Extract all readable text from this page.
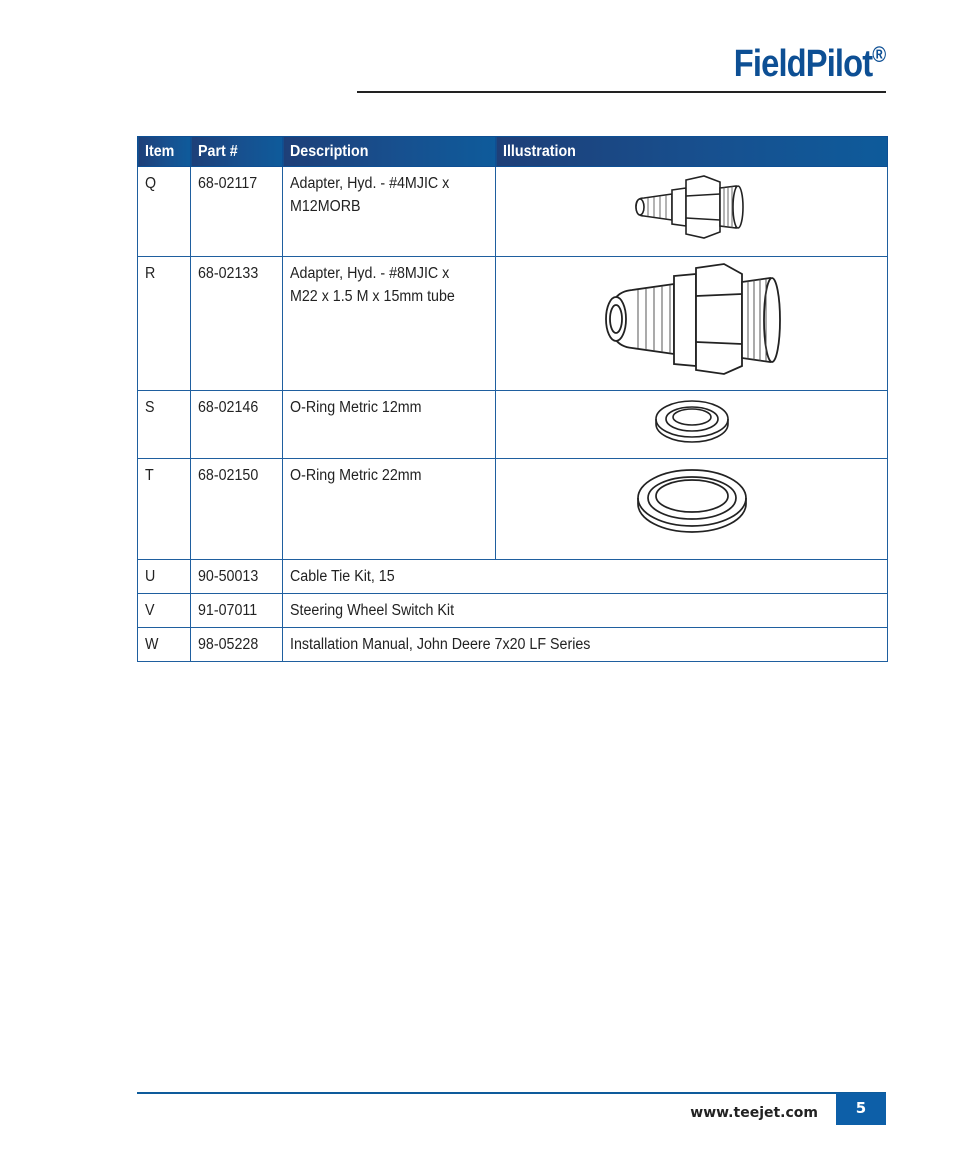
FieldPilot®
Item	Part #	Description	Illustration
Q	68-02117	Adapter, Hyd. - #4MJIC x
M12MORB	
R	68-02133	Adapter, Hyd. - #8MJIC x
M22 x 1.5 M x 15mm tube	
S	68-02146	O-Ring Metric 12mm	
T	68-02150	O-Ring Metric 22mm	
U	90-50013	Cable Tie Kit, 15	
V	91-07011	Steering Wheel Switch Kit	
W	98-05228	Installation Manual, John Deere 7x20 LF Series	
www.teejet.com	5
